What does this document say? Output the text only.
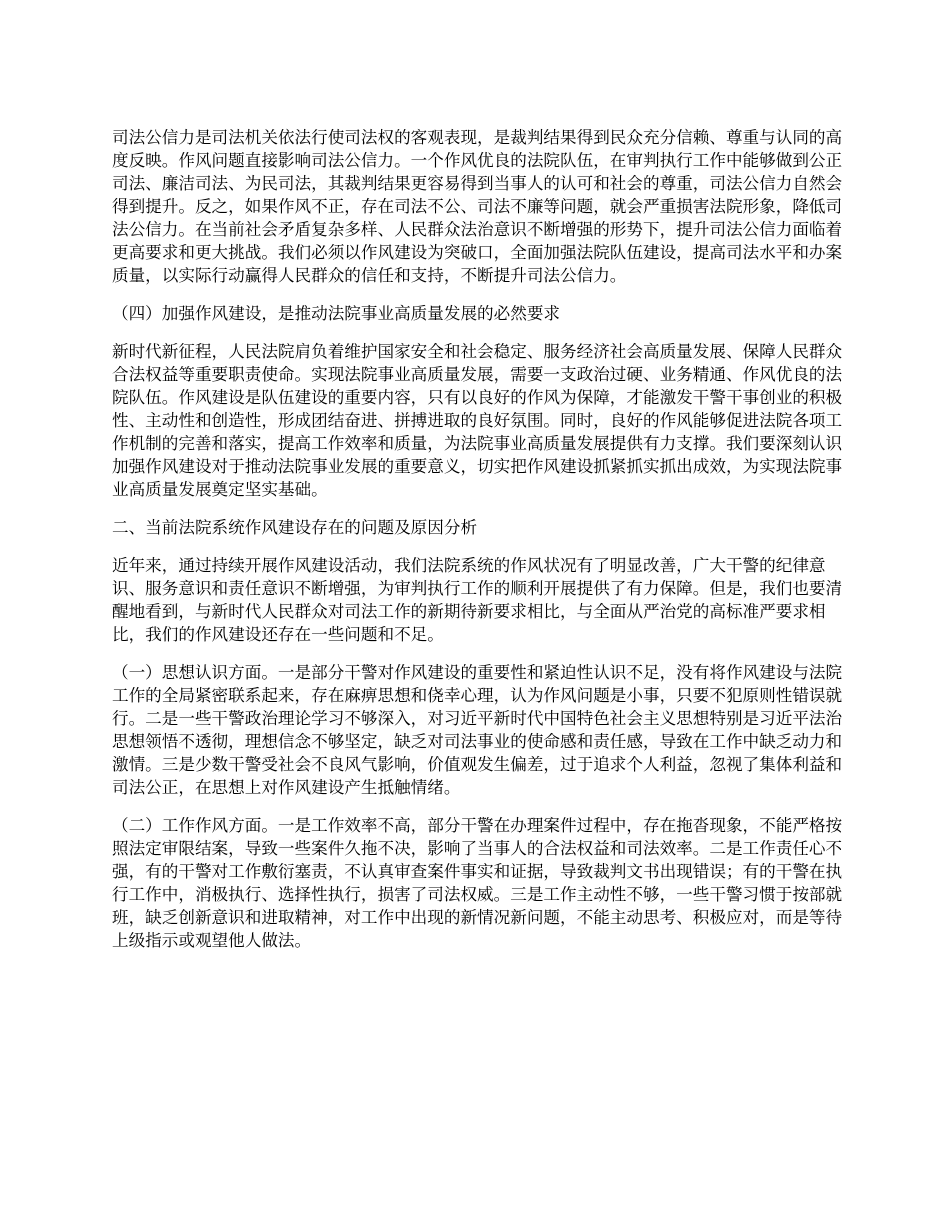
司法公信力是司法机关依法行使司法权的客观表现，是裁判结果得到民众充分信赖、尊重与认同的高度反映。作风问题直接影响司法公信力。一个作风优良的法院队伍，在审判执行工作中能够做到公正司法、廉洁司法、为民司法，其裁判结果更容易得到当事人的认可和社会的尊重，司法公信力自然会得到提升。反之，如果作风不正，存在司法不公、司法不廉等问题，就会严重损害法院形象，降低司法公信力。在当前社会矛盾复杂多样、人民群众法治意识不断增强的形势下，提升司法公信力面临着更高要求和更大挑战。我们必须以作风建设为突破口，全面加强法院队伍建设，提高司法水平和办案质量，以实际行动赢得人民群众的信任和支持，不断提升司法公信力。

（四）加强作风建设，是推动法院事业高质量发展的必然要求

新时代新征程，人民法院肩负着维护国家安全和社会稳定、服务经济社会高质量发展、保障人民群众合法权益等重要职责使命。实现法院事业高质量发展，需要一支政治过硬、业务精通、作风优良的法院队伍。作风建设是队伍建设的重要内容，只有以良好的作风为保障，才能激发干警干事创业的积极性、主动性和创造性，形成团结奋进、拼搏进取的良好氛围。同时，良好的作风能够促进法院各项工作机制的完善和落实，提高工作效率和质量，为法院事业高质量发展提供有力支撑。我们要深刻认识加强作风建设对于推动法院事业发展的重要意义，切实把作风建设抓紧抓实抓出成效，为实现法院事业高质量发展奠定坚实基础。

二、当前法院系统作风建设存在的问题及原因分析

近年来，通过持续开展作风建设活动，我们法院系统的作风状况有了明显改善，广大干警的纪律意识、服务意识和责任意识不断增强，为审判执行工作的顺利开展提供了有力保障。但是，我们也要清醒地看到，与新时代人民群众对司法工作的新期待新要求相比，与全面从严治党的高标准严要求相比，我们的作风建设还存在一些问题和不足。

（一）思想认识方面。一是部分干警对作风建设的重要性和紧迫性认识不足，没有将作风建设与法院工作的全局紧密联系起来，存在麻痹思想和侥幸心理，认为作风问题是小事，只要不犯原则性错误就行。二是一些干警政治理论学习不够深入，对习近平新时代中国特色社会主义思想特别是习近平法治思想领悟不透彻，理想信念不够坚定，缺乏对司法事业的使命感和责任感，导致在工作中缺乏动力和激情。三是少数干警受社会不良风气影响，价值观发生偏差，过于追求个人利益，忽视了集体利益和司法公正，在思想上对作风建设产生抵触情绪。

（二）工作作风方面。一是工作效率不高，部分干警在办理案件过程中，存在拖沓现象，不能严格按照法定审限结案，导致一些案件久拖不决，影响了当事人的合法权益和司法效率。二是工作责任心不强，有的干警对工作敷衍塞责，不认真审查案件事实和证据，导致裁判文书出现错误；有的干警在执行工作中，消极执行、选择性执行，损害了司法权威。三是工作主动性不够，一些干警习惯于按部就班，缺乏创新意识和进取精神，对工作中出现的新情况新问题，不能主动思考、积极应对，而是等待上级指示或观望他人做法。
